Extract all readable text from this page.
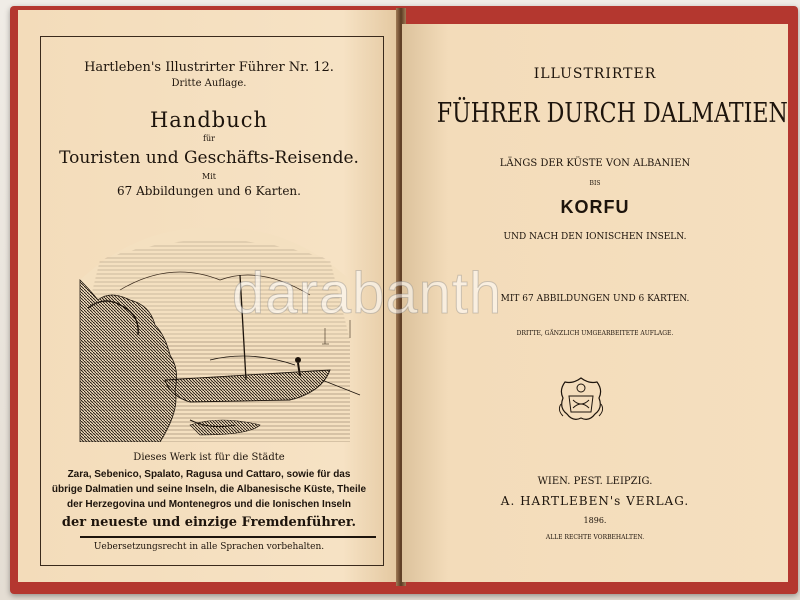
Hartleben's Illustrirter Führer Nr. 12.
Dritte Auflage.
Handbuch
für
Touristen und Geschäfts-Reisende.
Mit
67 Abbildungen und 6 Karten.
Dieses Werk ist für die Städte
Zara, Sebenico, Spalato, Ragusa und Cattaro, sowie für das
übrige Dalmatien und seine Inseln, die Albanesische Küste, Theile
der Herzegovina und Montenegros und die Ionischen Inseln
der neueste und einzige Fremdenführer.
Uebersetzungsrecht in alle Sprachen vorbehalten.
ILLUSTRIRTER
FÜHRER DURCH DALMATIEN
LÄNGS DER KÜSTE VON ALBANIEN
BIS
KORFU
UND NACH DEN IONISCHEN INSELN.
MIT 67 ABBILDUNGEN UND 6 KARTEN.
DRITTE, GÄNZLICH UMGEARBEITETE AUFLAGE.
WIEN. PEST. LEIPZIG.
A. HARTLEBEN's VERLAG.
1896.
ALLE RECHTE VORBEHALTEN.
darabanth
